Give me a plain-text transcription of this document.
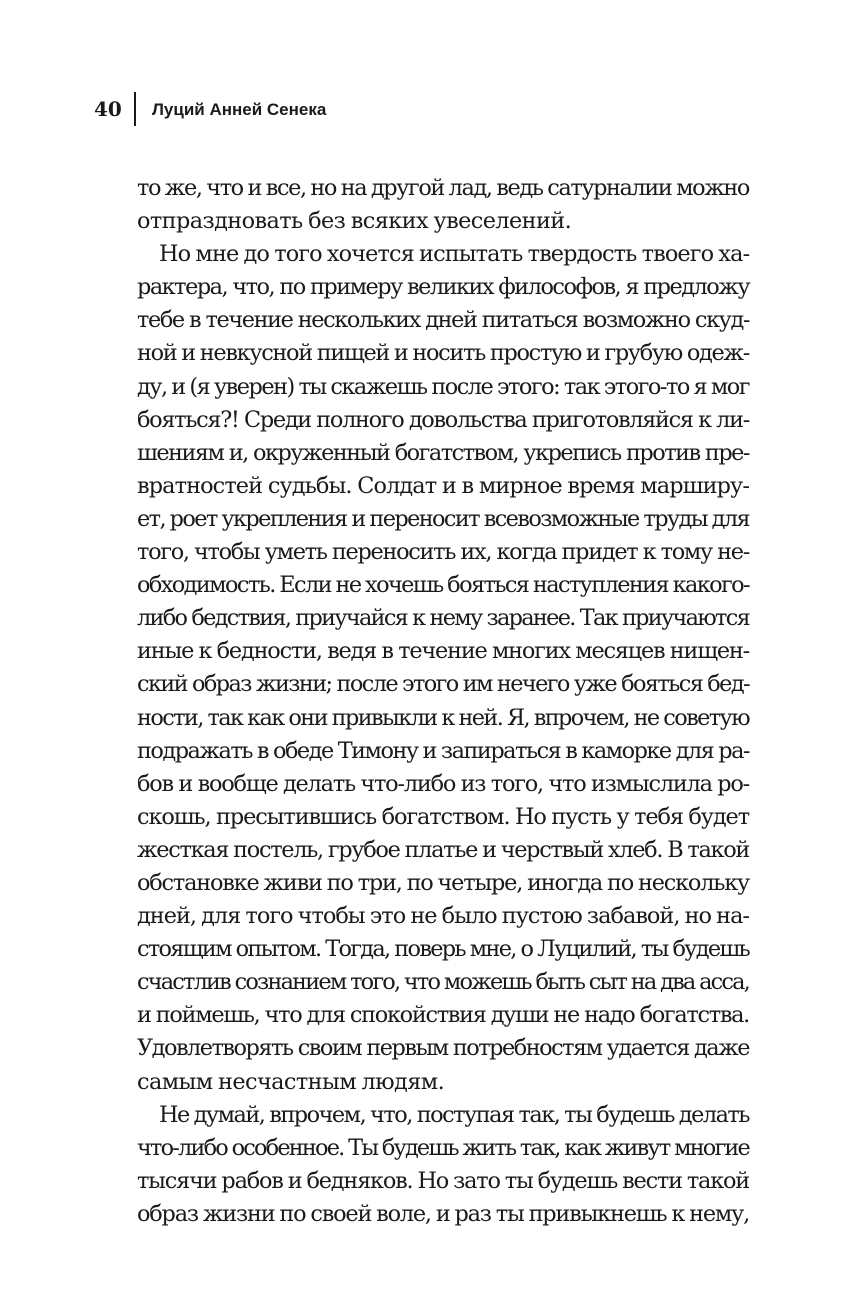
40 Луций Анней Сенека
то же, что и все, но на другой лад, ведь сатурналии можно
отпраздновать без всяких увеселений.
Но мне до того хочется испытать твердость твоего ха-
рактера, что, по примеру великих философов, я предложу
тебе в течение нескольких дней питаться возможно скуд-
ной и невкусной пищей и носить простую и грубую одеж-
ду, и (я уверен) ты скажешь после этого: так этого-то я мог
бояться?! Среди полного довольства приготовляйся к ли-
шениям и, окруженный богатством, укрепись против пре-
вратностей судьбы. Солдат и в мирное время марширу-
ет, роет укрепления и переносит всевозможные труды для
того, чтобы уметь переносить их, когда придет к тому не-
обходимость. Если не хочешь бояться наступления какого-
либо бедствия, приучайся к нему заранее. Так приучаются
иные к бедности, ведя в течение многих месяцев нищен-
ский образ жизни; после этого им нечего уже бояться бед-
ности, так как они привыкли к ней. Я, впрочем, не советую
подражать в обеде Тимону и запираться в каморке для ра-
бов и вообще делать что-либо из того, что измыслила ро-
скошь, пресытившись богатством. Но пусть у тебя будет
жесткая постель, грубое платье и черствый хлеб. В такой
обстановке живи по три, по четыре, иногда по нескольку
дней, для того чтобы это не было пустою забавой, но на-
стоящим опытом. Тогда, поверь мне, о Луцилий, ты будешь
счастлив сознанием того, что можешь быть сыт на два асса,
и поймешь, что для спокойствия души не надо богатства.
Удовлетворять своим первым потребностям удается даже
самым несчастным людям.
Не думай, впрочем, что, поступая так, ты будешь делать
что-либо особенное. Ты будешь жить так, как живут многие
тысячи рабов и бедняков. Но зато ты будешь вести такой
образ жизни по своей воле, и раз ты привыкнешь к нему,
